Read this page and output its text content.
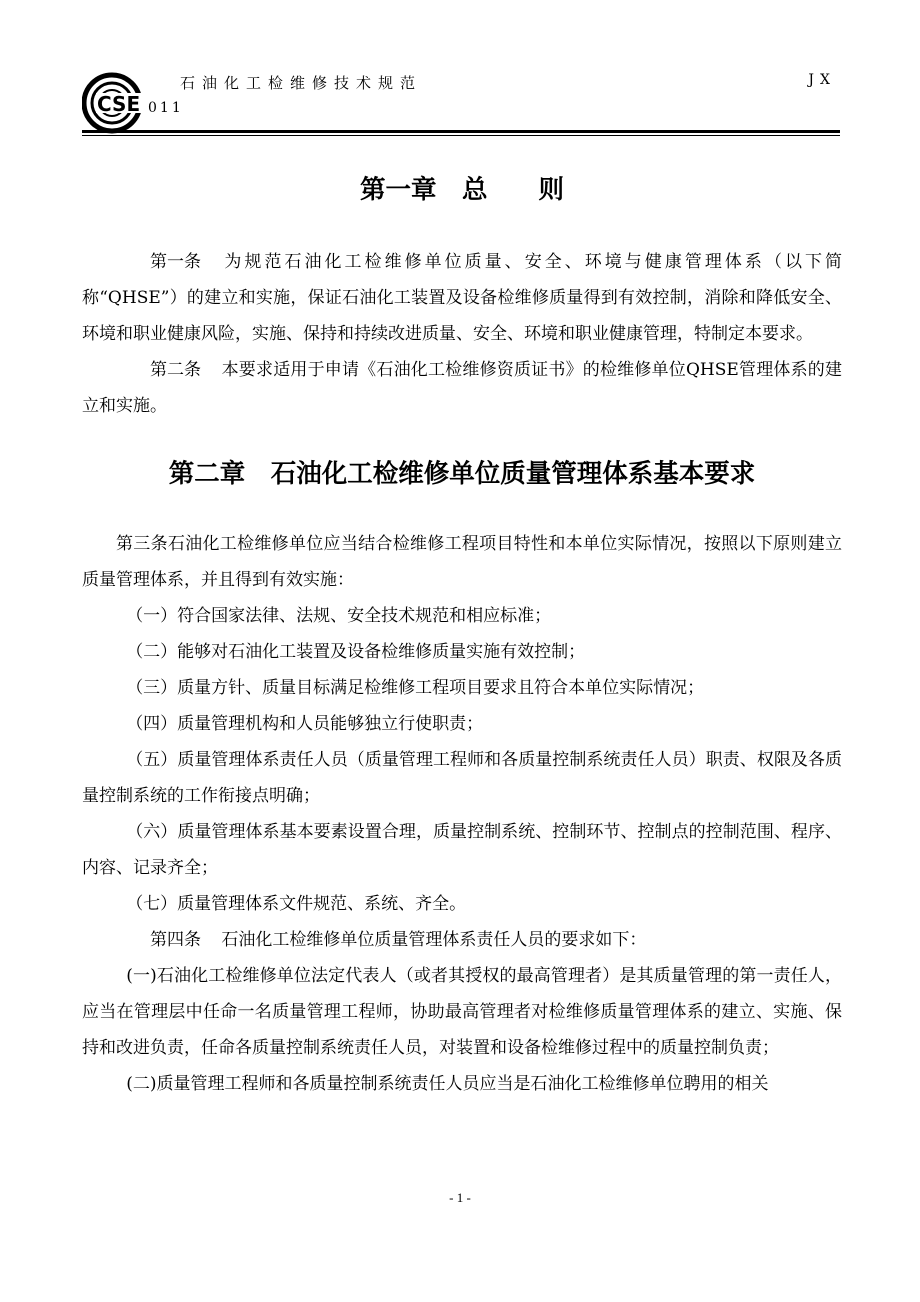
CSE
石油化工检维修技术规范
011
JX
第一章　总　　则

第一条 为规范石油化工检维修单位质量、安全、环境与健康管理体系（以下简称“QHSE”）的建立和实施，保证石油化工装置及设备检维修质量得到有效控制，消除和降低安全、环境和职业健康风险，实施、保持和持续改进质量、安全、环境和职业健康管理，特制定本要求。

第二条 本要求适用于申请《石油化工检维修资质证书》的检维修单位QHSE管理体系的建立和实施。

第二章　石油化工检维修单位质量管理体系基本要求

第三条石油化工检维修单位应当结合检维修工程项目特性和本单位实际情况，按照以下原则建立质量管理体系，并且得到有效实施：

（一）符合国家法律、法规、安全技术规范和相应标准；

（二）能够对石油化工装置及设备检维修质量实施有效控制；

（三）质量方针、质量目标满足检维修工程项目要求且符合本单位实际情况；

（四）质量管理机构和人员能够独立行使职责；

（五）质量管理体系责任人员（质量管理工程师和各质量控制系统责任人员）职责、权限及各质量控制系统的工作衔接点明确；

（六）质量管理体系基本要素设置合理，质量控制系统、控制环节、控制点的控制范围、程序、内容、记录齐全；

（七）质量管理体系文件规范、系统、齐全。

第四条 石油化工检维修单位质量管理体系责任人员的要求如下：

(一)石油化工检维修单位法定代表人（或者其授权的最高管理者）是其质量管理的第一责任人，应当在管理层中任命一名质量管理工程师，协助最高管理者对检维修质量管理体系的建立、实施、保持和改进负责，任命各质量控制系统责任人员，对装置和设备检维修过程中的质量控制负责；

(二)质量管理工程师和各质量控制系统责任人员应当是石油化工检维修单位聘用的相关

- 1 -
